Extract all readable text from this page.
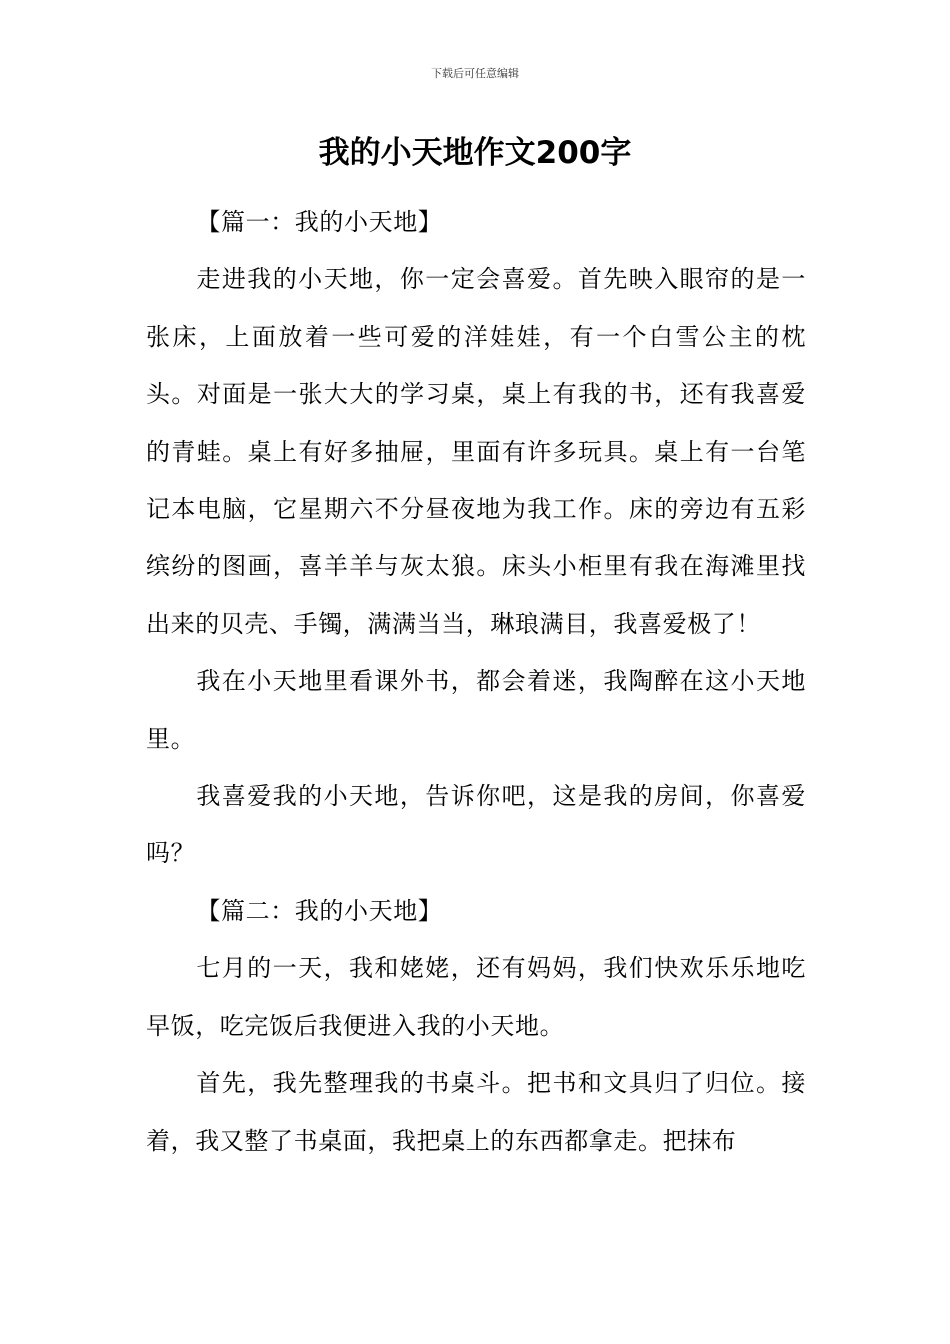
下载后可任意编辑
我的小天地作文200字

【篇一：我的小天地】

走进我的小天地，你一定会喜爱。首先映入眼帘的是一张床，上面放着一些可爱的洋娃娃，有一个白雪公主的枕头。对面是一张大大的学习桌，桌上有我的书，还有我喜爱的青蛙。桌上有好多抽屉，里面有许多玩具。桌上有一台笔记本电脑，它星期六不分昼夜地为我工作。床的旁边有五彩缤纷的图画，喜羊羊与灰太狼。床头小柜里有我在海滩里找出来的贝壳、手镯，满满当当，琳琅满目，我喜爱极了！

我在小天地里看课外书，都会着迷，我陶醉在这小天地里。

我喜爱我的小天地，告诉你吧，这是我的房间，你喜爱吗？

【篇二：我的小天地】

七月的一天，我和姥姥，还有妈妈，我们快欢乐乐地吃早饭，吃完饭后我便进入我的小天地。

首先，我先整理我的书桌斗。把书和文具归了归位。接着，我又整了书桌面，我把桌上的东西都拿走。把抹布
